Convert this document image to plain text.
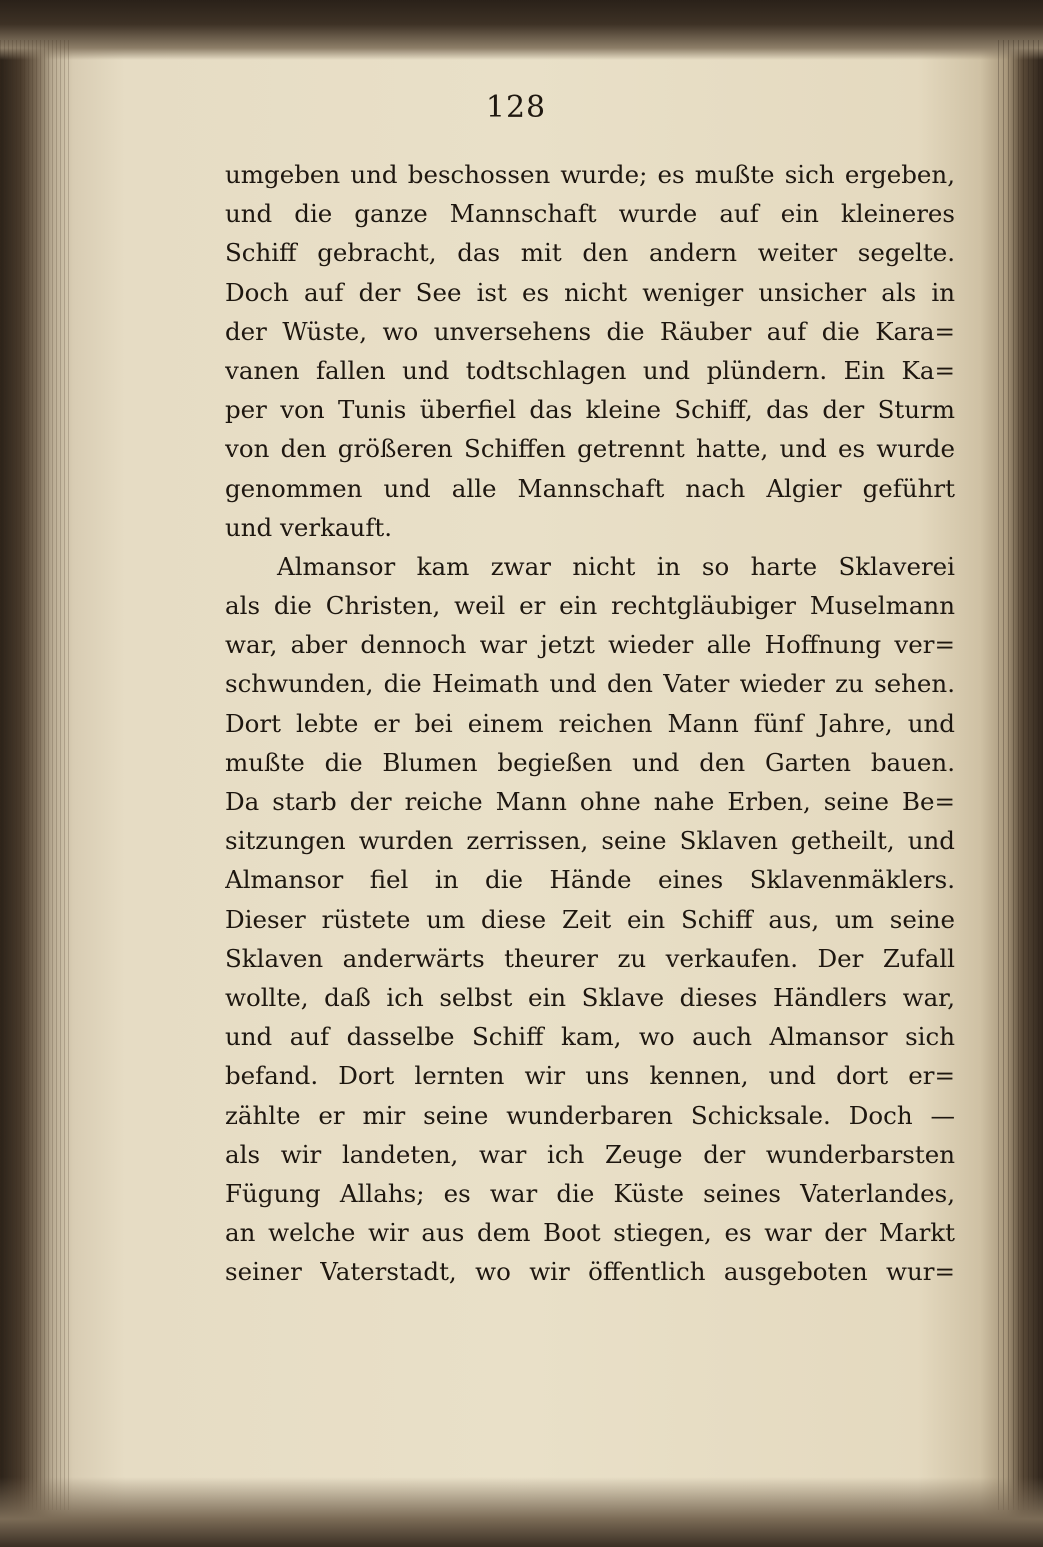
128
umgeben und beschossen wurde; es mußte sich ergeben,
und die ganze Mannschaft wurde auf ein kleineres
Schiff gebracht, das mit den andern weiter segelte.
Doch auf der See ist es nicht weniger unsicher als in
der Wüste, wo unversehens die Räuber auf die Kara=
vanen fallen und todtschlagen und plündern. Ein Ka=
per von Tunis überfiel das kleine Schiff, das der Sturm
von den größeren Schiffen getrennt hatte, und es wurde
genommen und alle Mannschaft nach Algier geführt
und verkauft.
Almansor kam zwar nicht in so harte Sklaverei
als die Christen, weil er ein rechtgläubiger Muselmann
war, aber dennoch war jetzt wieder alle Hoffnung ver=
schwunden, die Heimath und den Vater wieder zu sehen.
Dort lebte er bei einem reichen Mann fünf Jahre, und
mußte die Blumen begießen und den Garten bauen.
Da starb der reiche Mann ohne nahe Erben, seine Be=
sitzungen wurden zerrissen, seine Sklaven getheilt, und
Almansor fiel in die Hände eines Sklavenmäklers.
Dieser rüstete um diese Zeit ein Schiff aus, um seine
Sklaven anderwärts theurer zu verkaufen. Der Zufall
wollte, daß ich selbst ein Sklave dieses Händlers war,
und auf dasselbe Schiff kam, wo auch Almansor sich
befand. Dort lernten wir uns kennen, und dort er=
zählte er mir seine wunderbaren Schicksale. Doch —
als wir landeten, war ich Zeuge der wunderbarsten
Fügung Allahs; es war die Küste seines Vaterlandes,
an welche wir aus dem Boot stiegen, es war der Markt
seiner Vaterstadt, wo wir öffentlich ausgeboten wur=
